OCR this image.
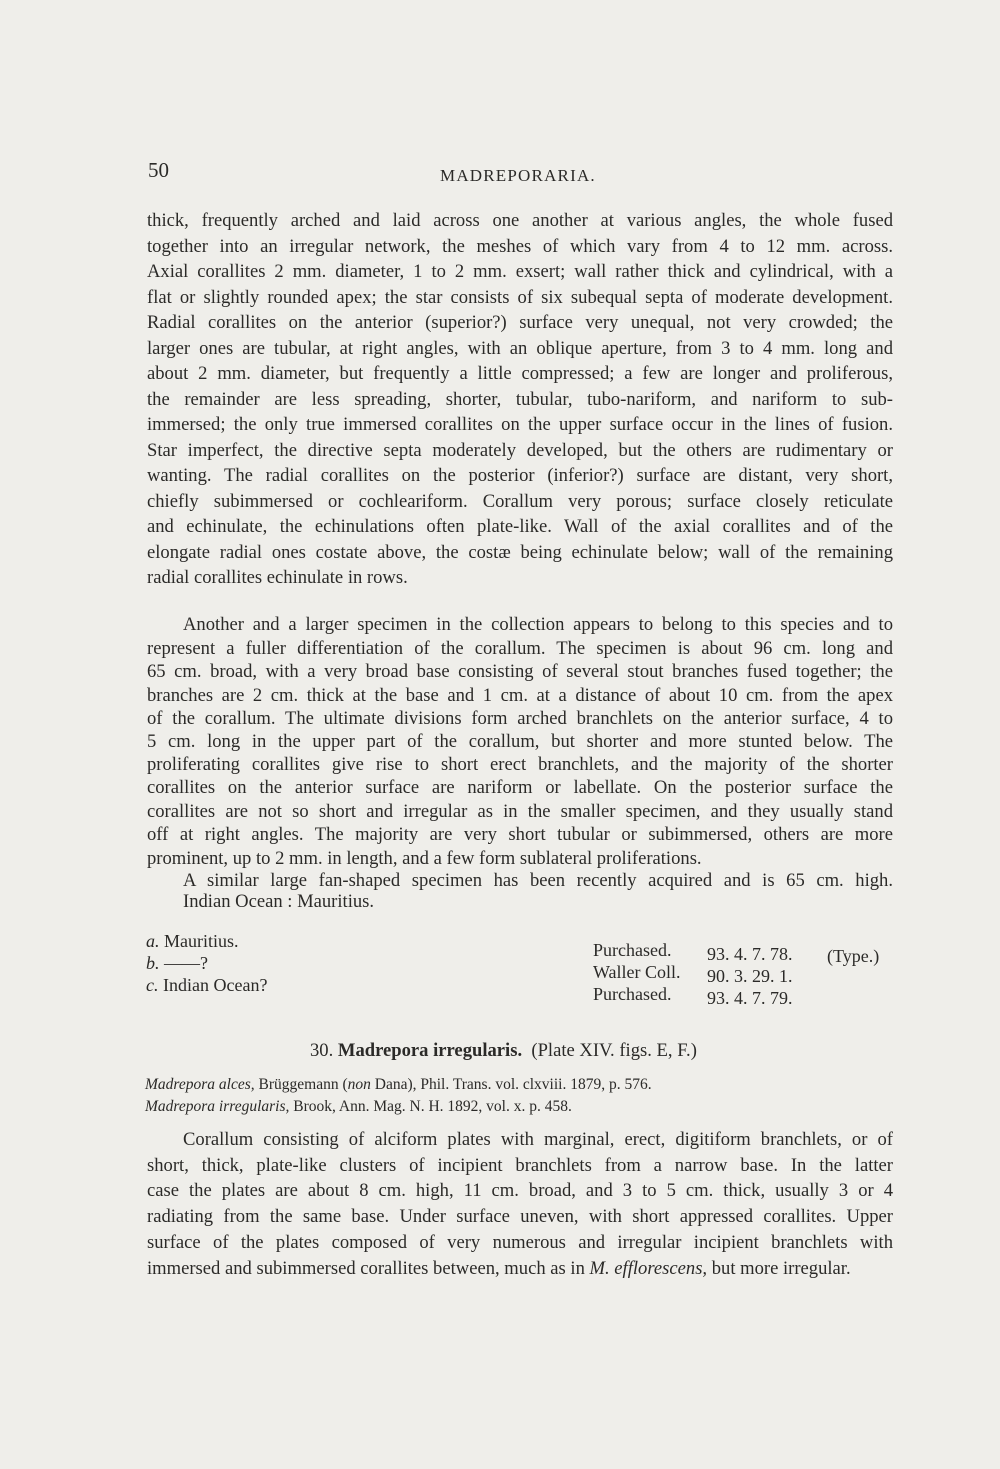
50	MADREPORARIA.
thick, frequently arched and laid across one another at various angles, the whole fused
together into an irregular network, the meshes of which vary from 4 to 12 mm. across.
Axial corallites 2 mm. diameter, 1 to 2 mm. exsert; wall rather thick and cylindrical, with a
flat or slightly rounded apex; the star consists of six subequal septa of moderate development.
Radial corallites on the anterior (superior?) surface very unequal, not very crowded; the
larger ones are tubular, at right angles, with an oblique aperture, from 3 to 4 mm. long and
about 2 mm. diameter, but frequently a little compressed; a few are longer and proliferous,
the remainder are less spreading, shorter, tubular, tubo-nariform, and nariform to sub-
immersed; the only true immersed corallites on the upper surface occur in the lines of fusion.
Star imperfect, the directive septa moderately developed, but the others are rudimentary or
wanting. The radial corallites on the posterior (inferior?) surface are distant, very short,
chiefly subimmersed or cochleariform. Corallum very porous; surface closely reticulate
and echinulate, the echinulations often plate-like. Wall of the axial corallites and of the
elongate radial ones costate above, the costæ being echinulate below; wall of the remaining
radial corallites echinulate in rows.
Another and a larger specimen in the collection appears to belong to this species and to
represent a fuller differentiation of the corallum. The specimen is about 96 cm. long and
65 cm. broad, with a very broad base consisting of several stout branches fused together; the
branches are 2 cm. thick at the base and 1 cm. at a distance of about 10 cm. from the apex
of the corallum. The ultimate divisions form arched branchlets on the anterior surface, 4 to
5 cm. long in the upper part of the corallum, but shorter and more stunted below. The
proliferating corallites give rise to short erect branchlets, and the majority of the shorter
corallites on the anterior surface are nariform or labellate. On the posterior surface the
corallites are not so short and irregular as in the smaller specimen, and they usually stand
off at right angles. The majority are very short tubular or subimmersed, others are more
prominent, up to 2 mm. in length, and a few form sublateral proliferations.
A similar large fan-shaped specimen has been recently acquired and is 65 cm. high.
Indian Ocean : Mauritius.
a. Mauritius.
b. ——?
c. Indian Ocean?
Purchased.
Waller Coll.
Purchased.
93. 4. 7. 78.
90. 3. 29. 1.
93. 4. 7. 79.
(Type.)
30. Madrepora irregularis. (Plate XIV. figs. E, F.)
Madrepora alces, Brüggemann (non Dana), Phil. Trans. vol. clxviii. 1879, p. 576.
Madrepora irregularis, Brook, Ann. Mag. N. H. 1892, vol. x. p. 458.
Corallum consisting of alciform plates with marginal, erect, digitiform branchlets, or of
short, thick, plate-like clusters of incipient branchlets from a narrow base. In the latter
case the plates are about 8 cm. high, 11 cm. broad, and 3 to 5 cm. thick, usually 3 or 4
radiating from the same base. Under surface uneven, with short appressed corallites. Upper
surface of the plates composed of very numerous and irregular incipient branchlets with
immersed and subimmersed corallites between, much as in M. efflorescens, but more irregular.
